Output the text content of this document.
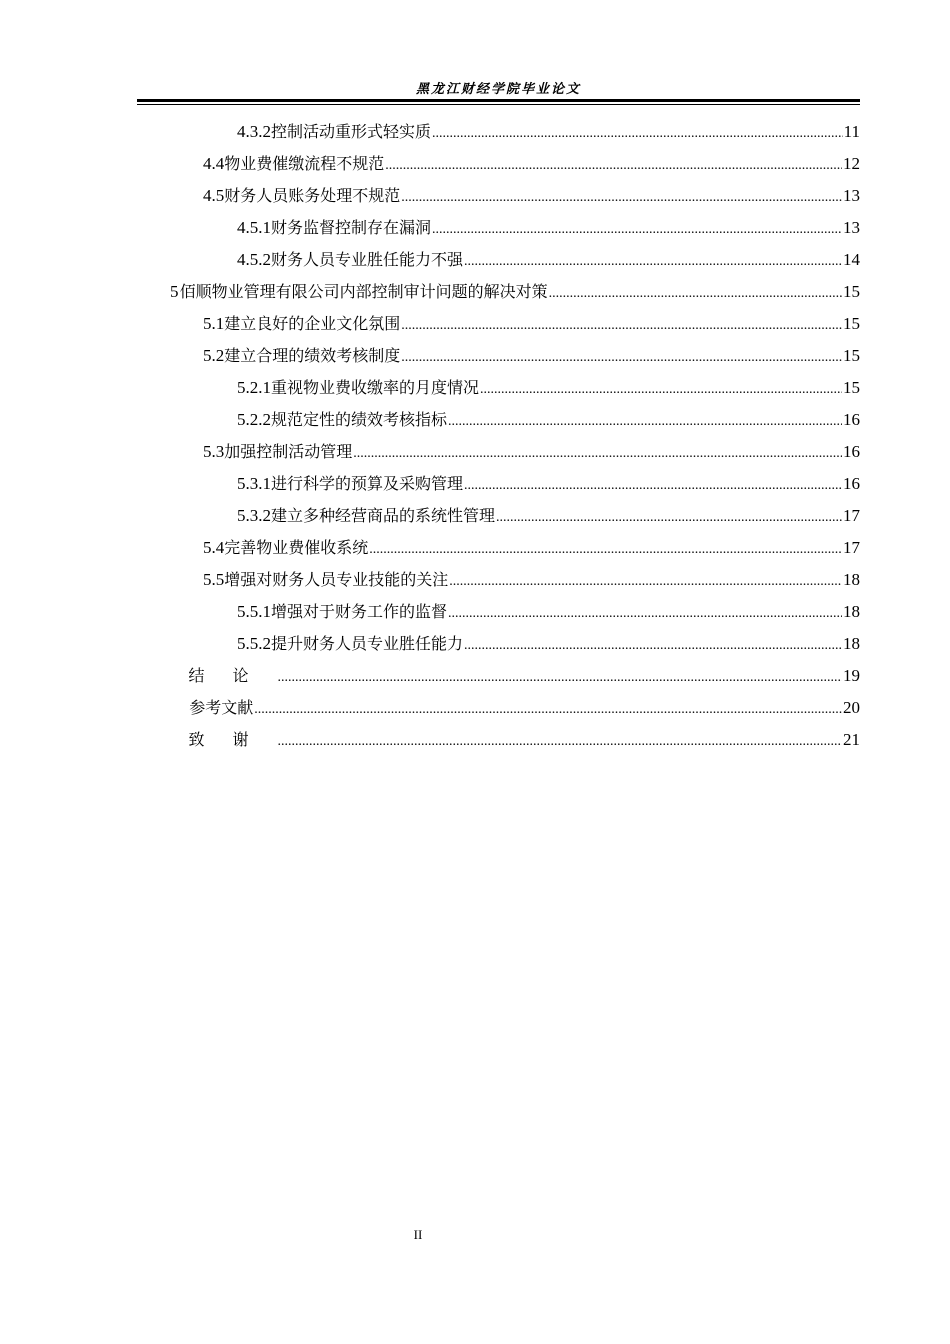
黑龙江财经学院毕业论文
4.3.2 控制活动重形式轻实质 .....	11
4.4 物业费催缴流程不规范 .....	12
4.5 财务人员账务处理不规范 .....	13
4.5.1 财务监督控制存在漏洞 .....	13
4.5.2 财务人员专业胜任能力不强 .....	14
5 佰顺物业管理有限公司内部控制审计问题的解决对策 .....	15
5.1 建立良好的企业文化氛围 .....	15
5.2 建立合理的绩效考核制度 .....	15
5.2.1 重视物业费收缴率的月度情况 .....	15
5.2.2 规范定性的绩效考核指标 .....	16
5.3 加强控制活动管理 .....	16
5.3.1 进行科学的预算及采购管理 .....	16
5.3.2 建立多种经营商品的系统性管理 .....	17
5.4 完善物业费催收系统 .....	17
5.5 增强对财务人员专业技能的关注 .....	18
5.5.1 增强对于财务工作的监督 .....	18
5.5.2 提升财务人员专业胜任能力 .....	18
结论 .....	19
参考文献 .....	20
致谢 .....	21
II
